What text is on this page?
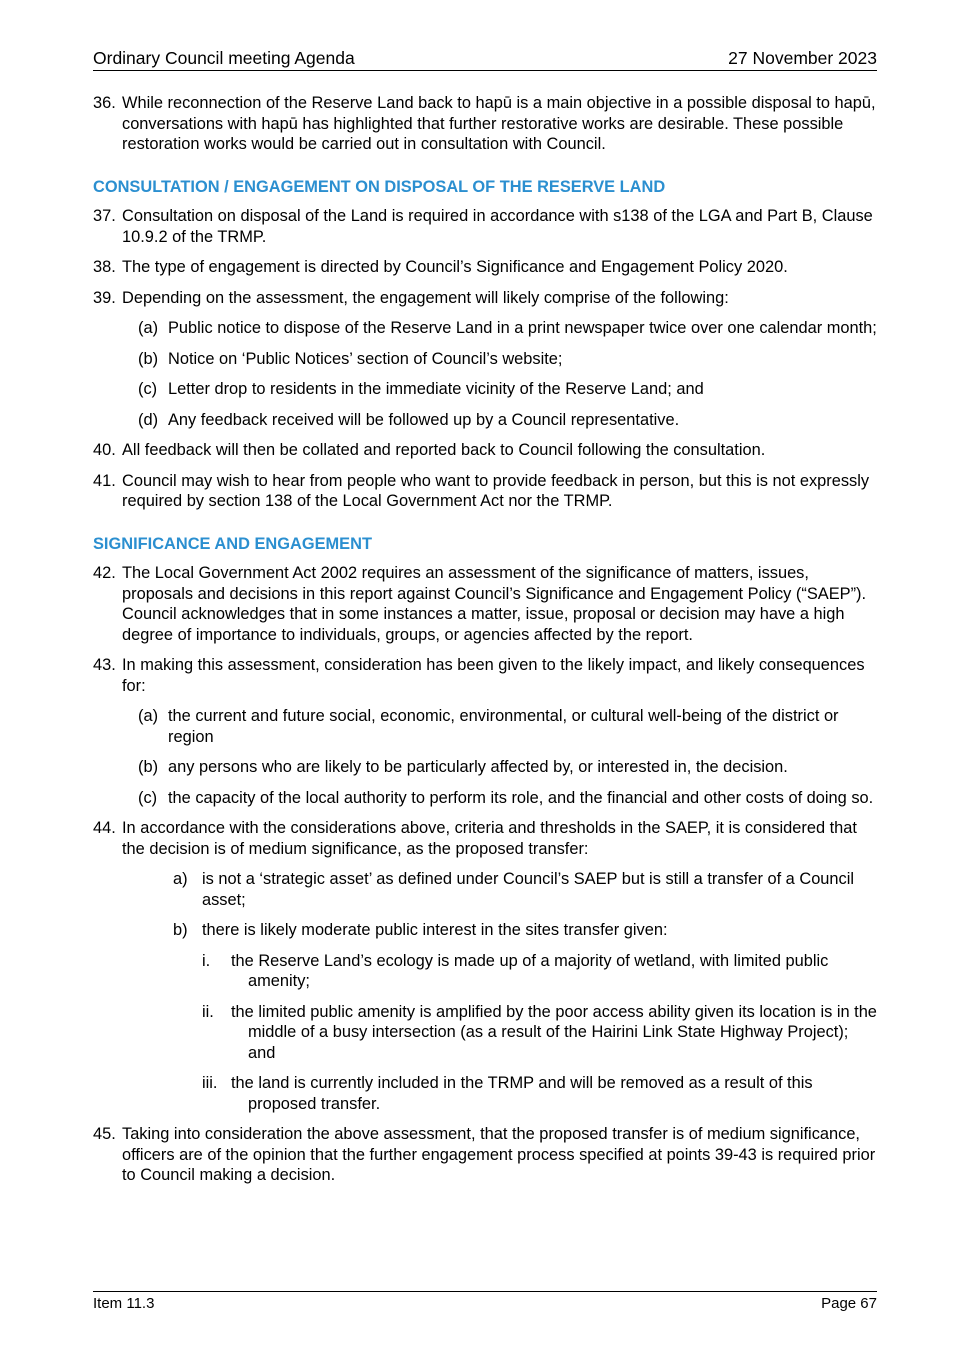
Ordinary Council meeting Agenda	27 November 2023

36. While reconnection of the Reserve Land back to hapū is a main objective in a possible disposal to hapū, conversations with hapū has highlighted that further restorative works are desirable. These possible restoration works would be carried out in consultation with Council.

CONSULTATION / ENGAGEMENT ON DISPOSAL OF THE RESERVE LAND

37. Consultation on disposal of the Land is required in accordance with s138 of the LGA and Part B, Clause 10.9.2 of the TRMP.

38. The type of engagement is directed by Council’s Significance and Engagement Policy 2020.

39. Depending on the assessment, the engagement will likely comprise of the following:

(a) Public notice to dispose of the Reserve Land in a print newspaper twice over one calendar month;

(b) Notice on ‘Public Notices’ section of Council’s website;

(c) Letter drop to residents in the immediate vicinity of the Reserve Land; and

(d) Any feedback received will be followed up by a Council representative.

40. All feedback will then be collated and reported back to Council following the consultation.

41. Council may wish to hear from people who want to provide feedback in person, but this is not expressly required by section 138 of the Local Government Act nor the TRMP.

SIGNIFICANCE AND ENGAGEMENT

42. The Local Government Act 2002 requires an assessment of the significance of matters, issues, proposals and decisions in this report against Council’s Significance and Engagement Policy (“SAEP”). Council acknowledges that in some instances a matter, issue, proposal or decision may have a high degree of importance to individuals, groups, or agencies affected by the report.

43. In making this assessment, consideration has been given to the likely impact, and likely consequences for:

(a) the current and future social, economic, environmental, or cultural well-being of the district or region

(b) any persons who are likely to be particularly affected by, or interested in, the decision.

(c) the capacity of the local authority to perform its role, and the financial and other costs of doing so.

44. In accordance with the considerations above, criteria and thresholds in the SAEP, it is considered that the decision is of medium significance, as the proposed transfer:

a) is not a ‘strategic asset’ as defined under Council’s SAEP but is still a transfer of a Council asset;

b) there is likely moderate public interest in the sites transfer given:

i. the Reserve Land’s ecology is made up of a majority of wetland, with limited public amenity;

ii. the limited public amenity is amplified by the poor access ability given its location is in the middle of a busy intersection (as a result of the Hairini Link State Highway Project); and

iii. the land is currently included in the TRMP and will be removed as a result of this proposed transfer.

45. Taking into consideration the above assessment, that the proposed transfer is of medium significance, officers are of the opinion that the further engagement process specified at points 39-43 is required prior to Council making a decision.

Item 11.3	Page 67
